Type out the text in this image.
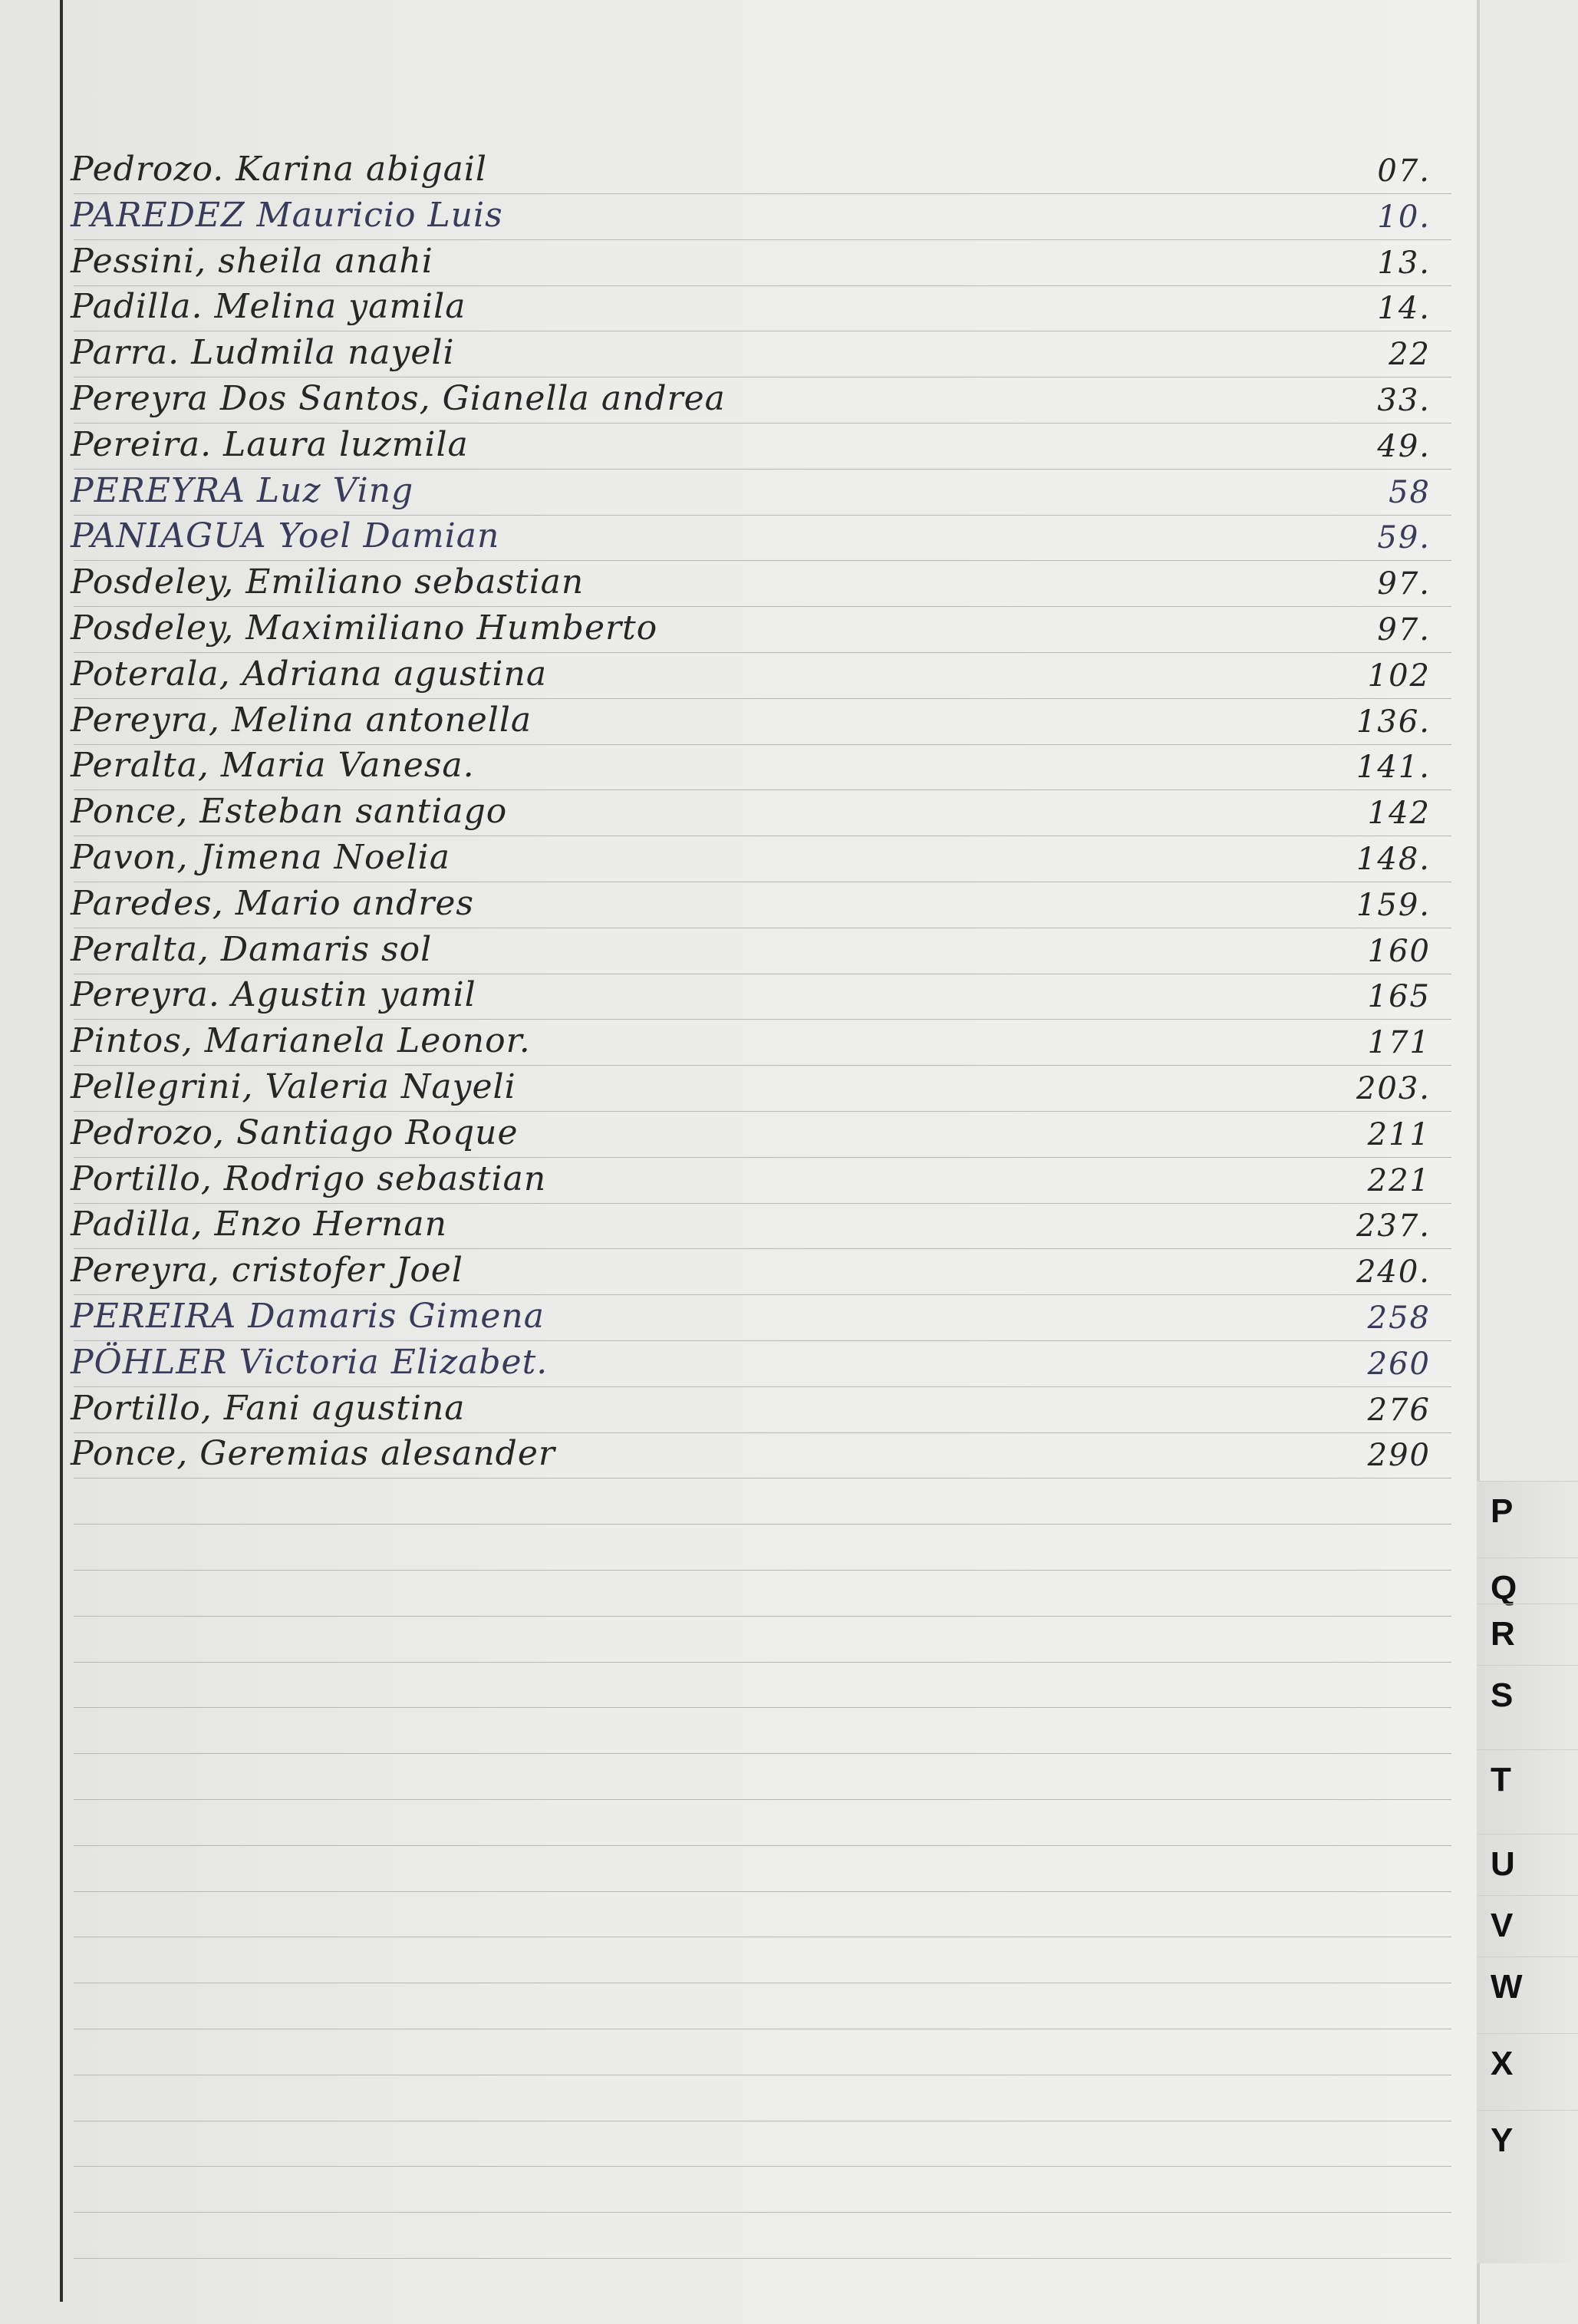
Pedrozo. Karina abigail	07.
PAREDEZ Mauricio Luis	10.
Pessini, sheila anahi	13.
Padilla. Melina yamila	14.
Parra. Ludmila nayeli	22
Pereyra Dos Santos, Gianella andrea	33.
Pereira. Laura luzmila	49.
PEREYRA Luz Ving	58
PANIAGUA Yoel Damian	59.
Posdeley, Emiliano sebastian	97.
Posdeley, Maximiliano Humberto	97.
Poterala, Adriana agustina	102
Pereyra, Melina antonella	136.
Peralta, Maria Vanesa.	141.
Ponce, Esteban santiago	142
Pavon, Jimena Noelia	148.
Paredes, Mario andres	159.
Peralta, Damaris sol	160
Pereyra. Agustin yamil	165
Pintos, Marianela Leonor.	171
Pellegrini, Valeria Nayeli	203.
Pedrozo, Santiago Roque	211
Portillo, Rodrigo sebastian	221
Padilla, Enzo Hernan	237.
Pereyra, cristofer Joel	240.
PEREIRA Damaris Gimena	258
PÖHLER Victoria Elizabet.	260
Portillo, Fani agustina	276
Ponce, Geremias alesander	290
P
Q
R
S
T
U
V
W
X
Y
